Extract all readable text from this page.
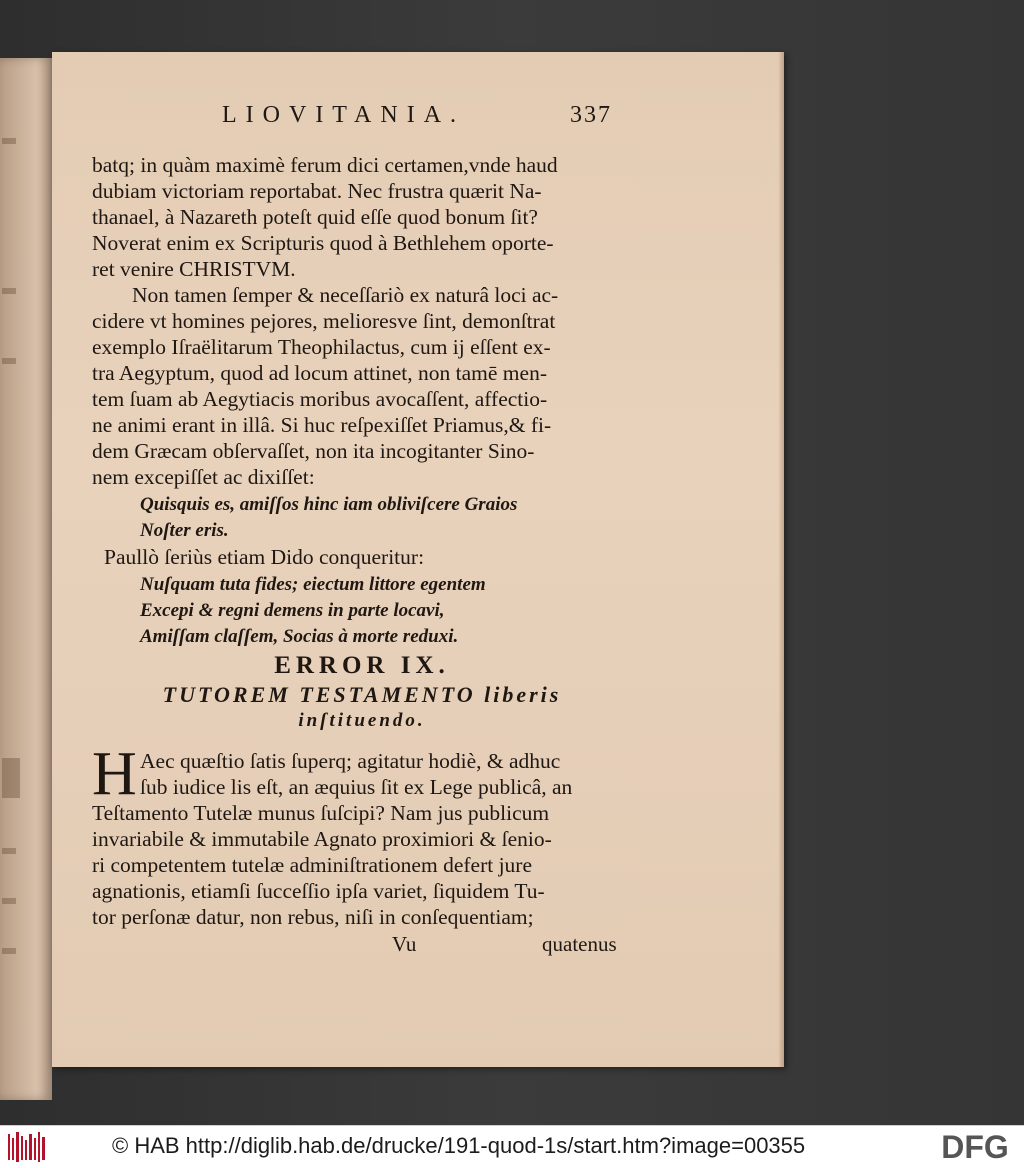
LIOVITANIA.	337
batq; in quàm maximè ferum dici certamen,vnde haud
dubiam victoriam reportabat. Nec frustra quærit Na-
thanael, à Nazareth poteſt quid eſſe quod bonum ſit?
Noverat enim ex Scripturis quod à Bethlehem oporte-
ret venire CHRISTVM.
Non tamen ſemper & neceſſariò ex naturâ loci ac-
cidere vt homines pejores, melioresve ſint, demonſtrat
exemplo Iſraëlitarum Theophilactus, cum ij eſſent ex-
tra Aegyptum, quod ad locum attinet, non tamē men-
tem ſuam ab Aegytiacis moribus avocaſſent, affectio-
ne animi erant in illâ. Si huc reſpexiſſet Priamus,& fi-
dem Græcam obſervaſſet, non ita incogitanter Sino-
nem excepiſſet ac dixiſſet:
Quisquis es, amiſſos hinc iam obliviſcere Graios
Noſter eris.
Paullò ſeriùs etiam Dido conqueritur:
Nuſquam tuta fides; eiectum littore egentem
Excepi & regni demens in parte locavi,
Amiſſam claſſem, Socias à morte reduxi.
ERROR IX.
TUTOREM TESTAMENTO liberis
inſtituendo.
H Aec quæſtio ſatis ſuperq; agitatur hodiè, & adhuc
ſub iudice lis eſt, an æquius ſit ex Lege publicâ, an
Teſtamento Tutelæ munus ſuſcipi? Nam jus publicum
invariabile & immutabile Agnato proximiori & ſenio-
ri competentem tutelæ adminiſtrationem defert jure
agnationis, etiamſi ſucceſſio ipſa variet, ſiquidem Tu-
tor perſonæ datur, non rebus, niſi in conſequentiam;
Vu	quatenus
© HAB http://diglib.hab.de/drucke/191-quod-1s/start.htm?image=00355	DFG
